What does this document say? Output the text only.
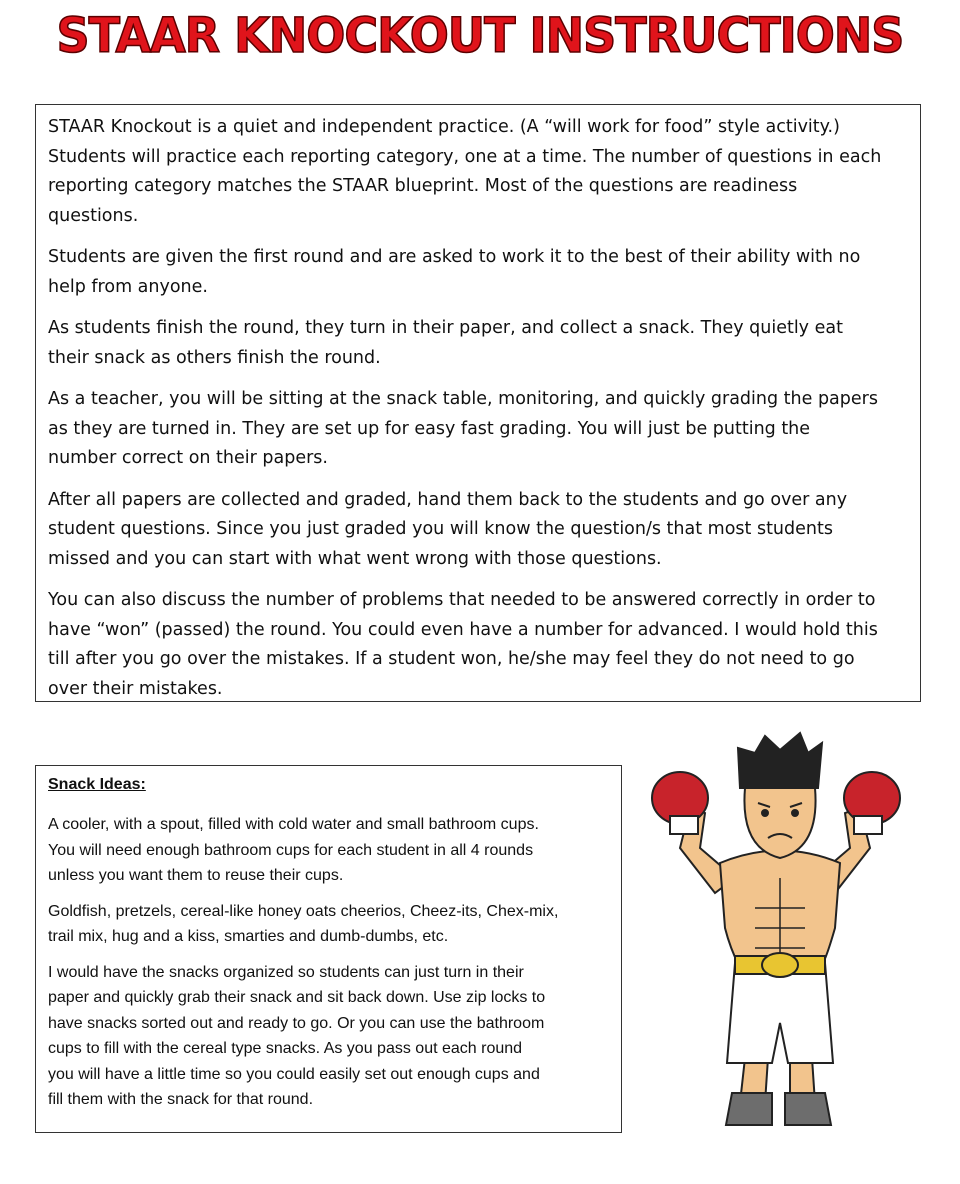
STAAR KNOCKOUT INSTRUCTIONS

STAAR Knockout is a quiet and independent practice. (A “will work for food” style activity.)
Students will practice each reporting category, one at a time. The number of questions in each
reporting category matches the STAAR blueprint. Most of the questions are readiness
questions.

Students are given the first round and are asked to work it to the best of their ability with no
help from anyone.

As students finish the round, they turn in their paper, and collect a snack. They quietly eat
their snack as others finish the round.

As a teacher, you will be sitting at the snack table, monitoring, and quickly grading the papers
as they are turned in. They are set up for easy fast grading. You will just be putting the
number correct on their papers.

After all papers are collected and graded, hand them back to the students and go over any
student questions. Since you just graded you will know the question/s that most students
missed and you can start with what went wrong with those questions.

You can also discuss the number of problems that needed to be answered correctly in order to
have “won” (passed) the round. You could even have a number for advanced. I would hold this
till after you go over the mistakes. If a student won, he/she may feel they do not need to go
over their mistakes.

Snack Ideas:

A cooler, with a spout, filled with cold water and small bathroom cups.
You will need enough bathroom cups for each student in all 4 rounds
unless you want them to reuse their cups.

Goldfish, pretzels, cereal-like honey oats cheerios, Cheez-its, Chex-mix,
trail mix, hug and a kiss, smarties and dumb-dumbs, etc.

I would have the snacks organized so students can just turn in their
paper and quickly grab their snack and sit back down. Use zip locks to
have snacks sorted out and ready to go. Or you can use the bathroom
cups to fill with the cereal type snacks. As you pass out each round
you will have a little time so you could easily set out enough cups and
fill them with the snack for that round.
